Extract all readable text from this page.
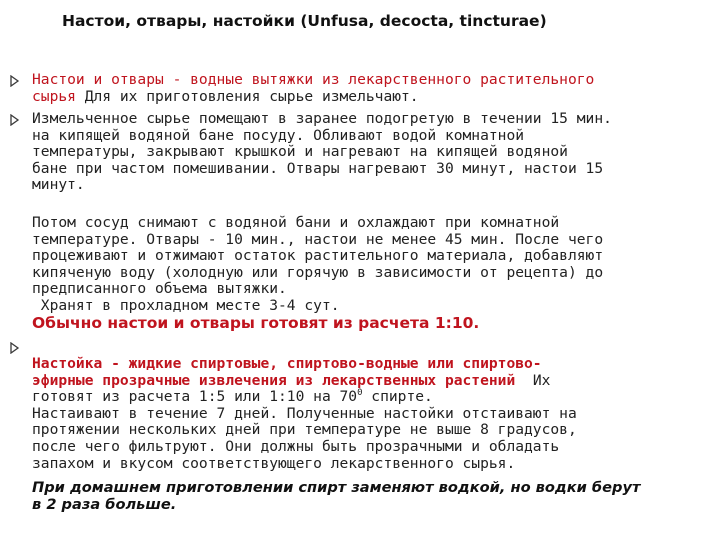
Настои, отвары, настойки (Unfusa, decocta, tincturae)
Настои и отвары - водные вытяжки из лекарственного растительного
сырья Для их приготовления сырье измельчают.
Измельченное сырье помещают в заранее подогретую в течении 15 мин.
на кипящей водяной бане посуду. Обливают водой комнатной
температуры, закрывают крышкой и нагревают на кипящей водяной
бане при частом помешивании. Отвары нагревают 30 минут, настои 15
минут.
Потом сосуд снимают с водяной бани и охлаждают при комнатной
температуре. Отвары - 10 мин., настои не менее 45 мин. После чего
процеживают и отжимают остаток растительного материала, добавляют
кипяченую воду (холодную или горячую в зависимости от рецепта) до
предписанного объема вытяжки.
Хранят в прохладном месте 3-4 сут.
Обычно настои и отвары готовят из расчета 1:10.
Настойка - жидкие спиртовые, спиртово-водные или спиртово-
эфирные прозрачные извлечения из лекарственных растений  Их
готовят из расчета 1:5 или 1:10 на $70^0$ спирте.
Настаивают в течение 7 дней. Полученные настойки отстаивают на
протяжении нескольких дней при температуре не выше 8 градусов,
после чего фильтруют. Они должны быть прозрачными и обладать
запахом и вкусом соответствующего лекарственного сырья.
При домашнем приготовлении спирт заменяют водкой, но водки берут
в 2 раза больше.
